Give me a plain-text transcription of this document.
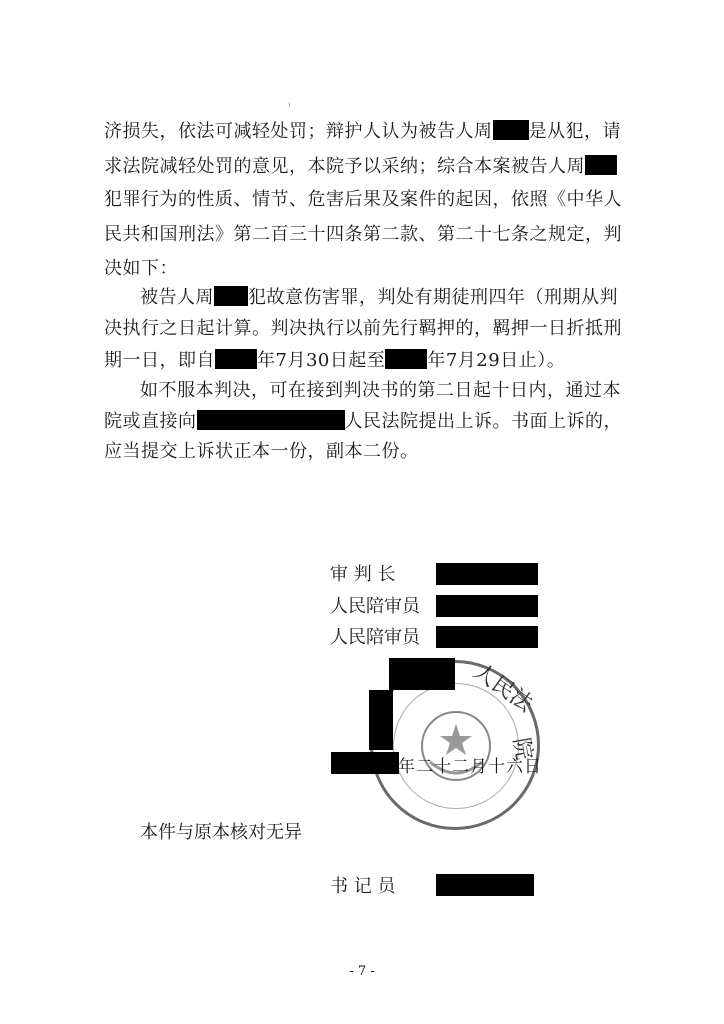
⁾
济损失，依法可减轻处罚；辩护人认为被告人周 是从犯，请
求法院减轻处罚的意见，本院予以采纳；综合本案被告人周
犯罪行为的性质、情节、危害后果及案件的起因，依照《中华人
民共和国刑法》第二百三十四条第二款、第二十七条之规定，判
决如下：
被告人周 犯故意伤害罪，判处有期徒刑四年（刑期从判
决执行之日起计算。判决执行以前先行羁押的，羁押一日折抵刑
期一日，即自 年7月30日起至 年7月29日止）。
如不服本判决，可在接到判决书的第二日起十日内，通过本
院或直接向	人民法院提出上诉。书面上诉的，
应当提交上诉状正本一份，副本二份。
审 判 长
人民陪审员
人民陪审员
人民法
院
年二十二月十六日
本件与原本核对无异
书 记 员
- 7 -
